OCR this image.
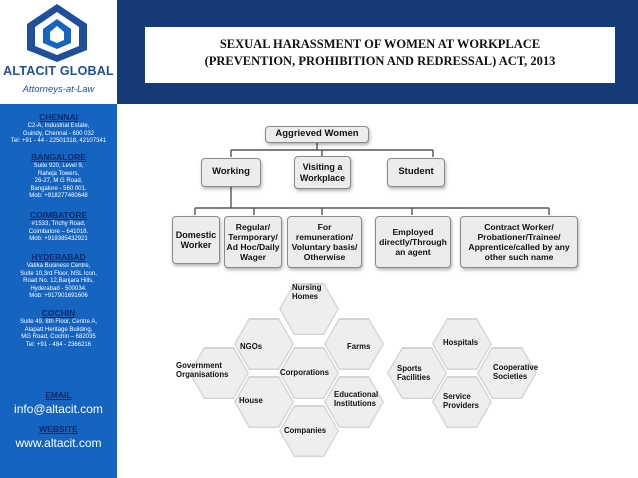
ALTACIT GLOBAL
Attorneys-at-Law
CHENNAI
C2-A, Industrial Estate,
Guindy, Chennai - 600 032
Tel: +91 - 44 - 22501318, 42107341
BANGALORE
Suite 920, Level 9,
Raheja Towers,
26-27, M G Road,
Bangalore - 560 001.
Mob: +918277460648
COIMBATORE
#1533, Trichy Road,
Coimbatore – 641018.
Mob: +919385432921
HYDERABAD
Vatika Business Centre,
Suite 10,3rd Floor, NSL Icon,
Road No. 12,Banjara Hills,
Hyderabad - 500034.
Mob: +917901691606
COCHIN
Suite 49, 8th Floor, Centre A,
Alapatt Heritage Building,
MG Road, Cochin – 682035
Tel: +91 - 484 - 2366216
EMAIL
info@altacit.com
WEBSITE
www.altacit.com
SEXUAL HARASSMENT OF WOMEN AT WORKPLACE
(PREVENTION, PROHIBITION AND REDRESSAL) ACT, 2013
Aggrieved Women
Working	Visiting a Workplace
Student
Domestic Worker
Regular/ Termporary/ Ad Hoc/Daily Wager
For remuneration/ Voluntary basis/ Otherwise
Employed directly/Through an agent
Contract Worker/ Probationer/Trainee/ Apprentice/called by any other such name
Nursing Homes
NGOs	Farms
Government Organisations	Corporations	Sports Facilities
Hospitals
Cooperative Societies
House
Educational Institutions
Service Providers
Companies
